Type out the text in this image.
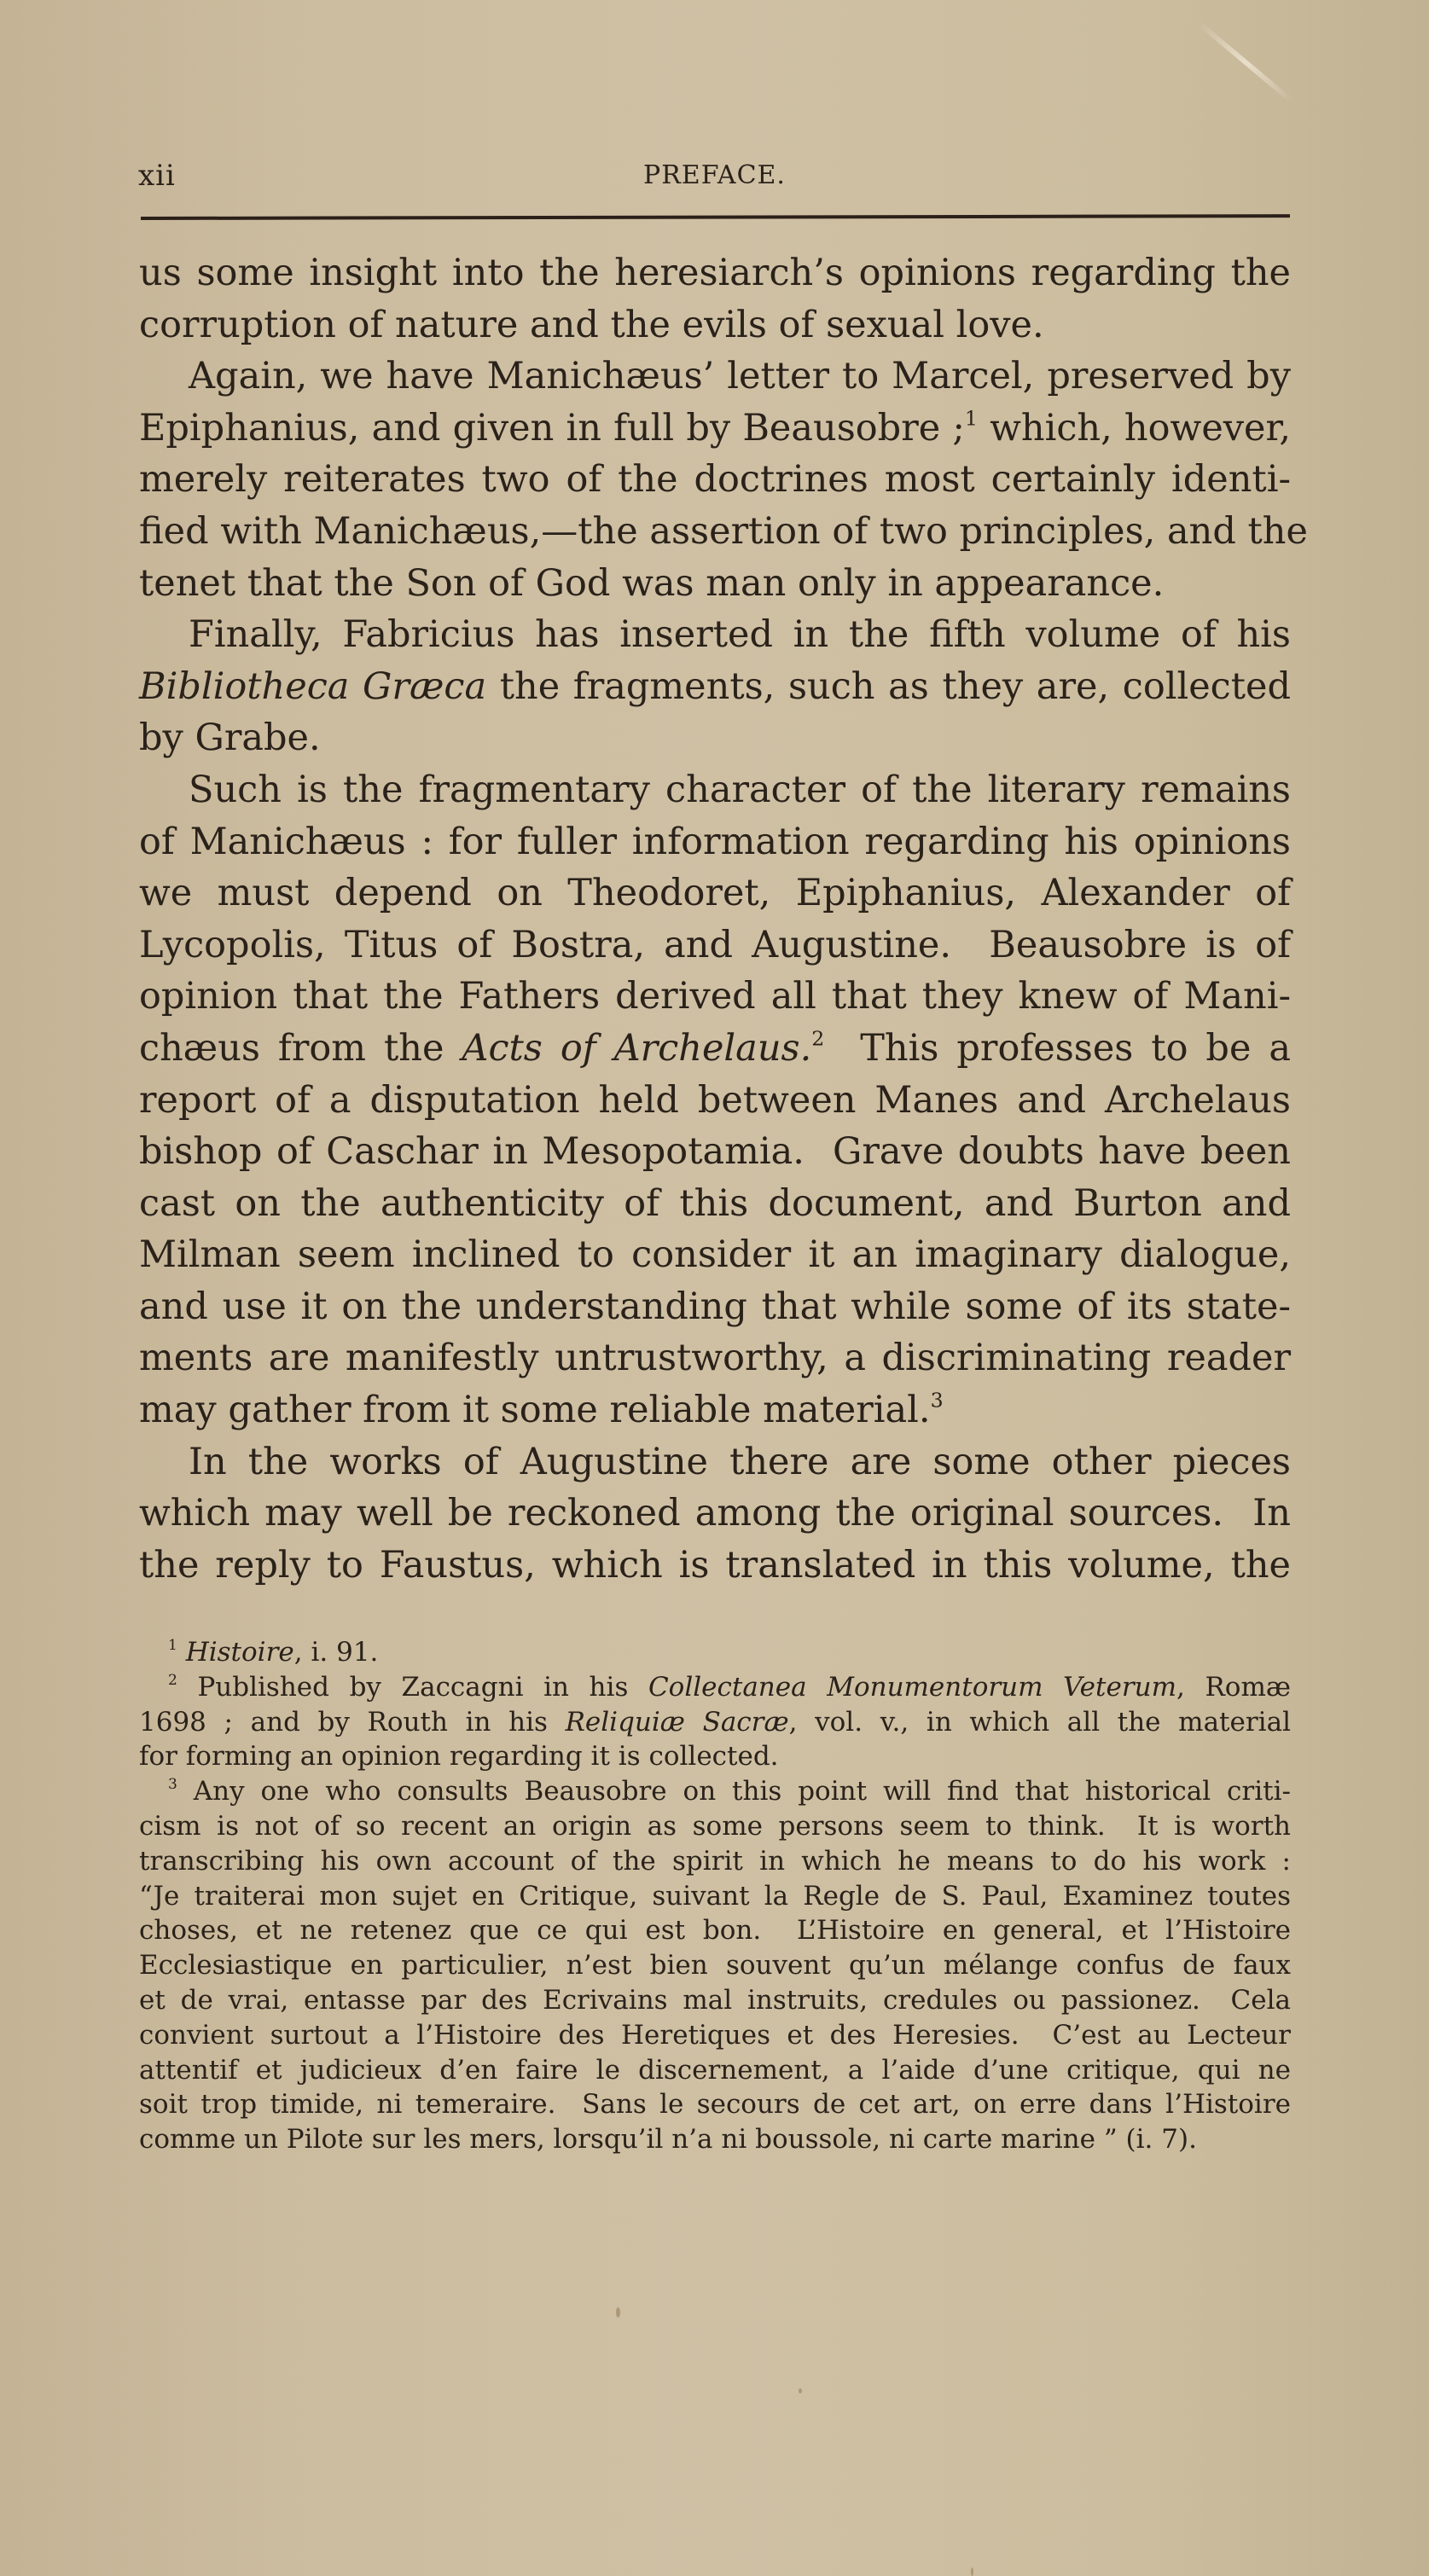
xii	PREFACE.
us some insight into the heresiarch’s opinions regarding the
corruption of nature and the evils of sexual love.
Again, we have Manichæus’ letter to Marcel, preserved by
Epiphanius, and given in full by Beausobre ;$^1$ which, however,
merely reiterates two of the doctrines most certainly identi-
fied with Manichæus,—the assertion of two principles, and the
tenet that the Son of God was man only in appearance.
Finally, Fabricius has inserted in the fifth volume of his
Bibliotheca Græca the fragments, such as they are, collected
by Grabe.
Such is the fragmentary character of the literary remains
of Manichæus : for fuller information regarding his opinions
we must depend on Theodoret, Epiphanius, Alexander of
Lycopolis, Titus of Bostra, and Augustine.  Beausobre is of
opinion that the Fathers derived all that they knew of Mani-
chæus from the Acts of Archelaus.$^2$  This professes to be a
report of a disputation held between Manes and Archelaus
bishop of Caschar in Mesopotamia.  Grave doubts have been
cast on the authenticity of this document, and Burton and
Milman seem inclined to consider it an imaginary dialogue,
and use it on the understanding that while some of its state-
ments are manifestly untrustworthy, a discriminating reader
may gather from it some reliable material.$^3$
In the works of Augustine there are some other pieces
which may well be reckoned among the original sources.  In
the reply to Faustus, which is translated in this volume, the
$^1$ Histoire, i. 91.
$^2$ Published by Zaccagni in his Collectanea Monumentorum Veterum, Romæ
1698 ; and by Routh in his Reliquiæ Sacræ, vol. v., in which all the material
for forming an opinion regarding it is collected.
$^3$ Any one who consults Beausobre on this point will find that historical criti-
cism is not of so recent an origin as some persons seem to think.  It is worth
transcribing his own account of the spirit in which he means to do his work :
“Je traiterai mon sujet en Critique, suivant la Regle de S. Paul, Examinez toutes
choses, et ne retenez que ce qui est bon.  L’Histoire en general, et l’Histoire
Ecclesiastique en particulier, n’est bien souvent qu’un mélange confus de faux
et de vrai, entasse par des Ecrivains mal instruits, credules ou passionez.  Cela
convient surtout a l’Histoire des Heretiques et des Heresies.  C’est au Lecteur
attentif et judicieux d’en faire le discernement, a l’aide d’une critique, qui ne
soit trop timide, ni temeraire.  Sans le secours de cet art, on erre dans l’Histoire
comme un Pilote sur les mers, lorsqu’il n’a ni boussole, ni carte marine ” (i. 7).
